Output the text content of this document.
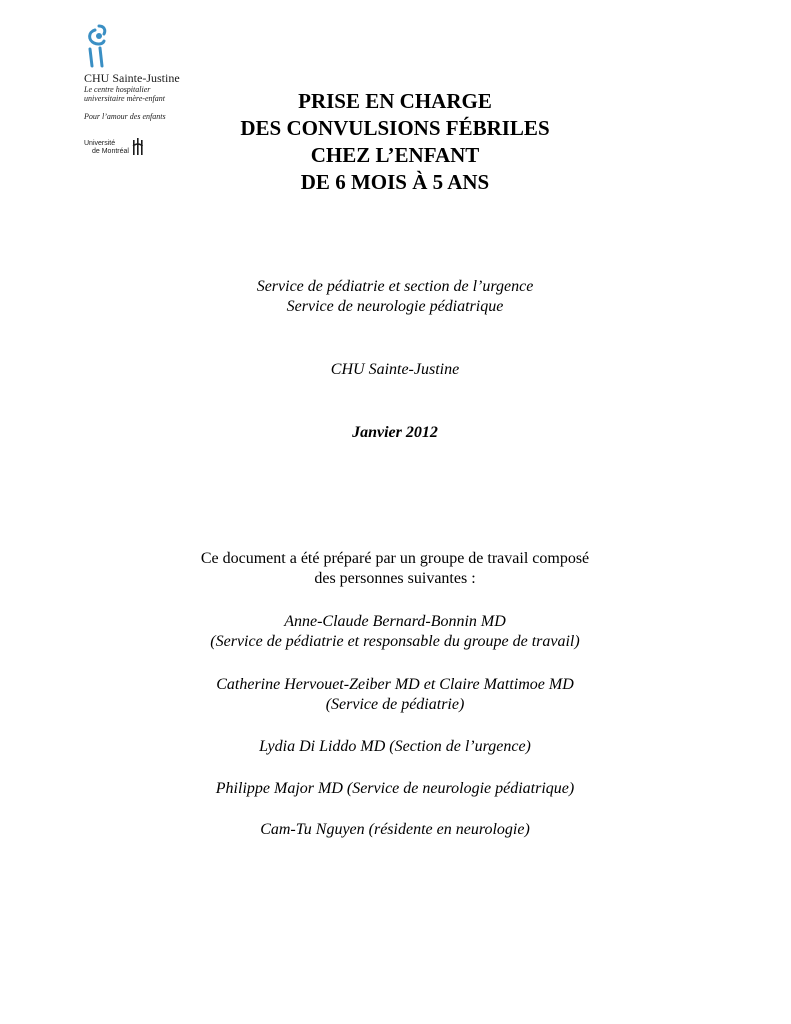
CHU Sainte-Justine
Le centre hospitalier
universitaire mère-enfant
Pour l’amour des enfants
Université
de Montréal
PRISE EN CHARGE
DES CONVULSIONS FÉBRILES
CHEZ L’ENFANT
DE 6 MOIS À 5 ANS
Service de pédiatrie et section de l’urgence
Service de neurologie pédiatrique
CHU Sainte-Justine
Janvier 2012
Ce document a été préparé par un groupe de travail composé
des personnes suivantes :
Anne-Claude Bernard-Bonnin MD
(Service de pédiatrie et responsable du groupe de travail)
Catherine Hervouet-Zeiber MD et Claire Mattimoe MD
(Service de pédiatrie)
Lydia Di Liddo MD (Section de l’urgence)
Philippe Major MD (Service de neurologie pédiatrique)
Cam-Tu Nguyen (résidente en neurologie)
